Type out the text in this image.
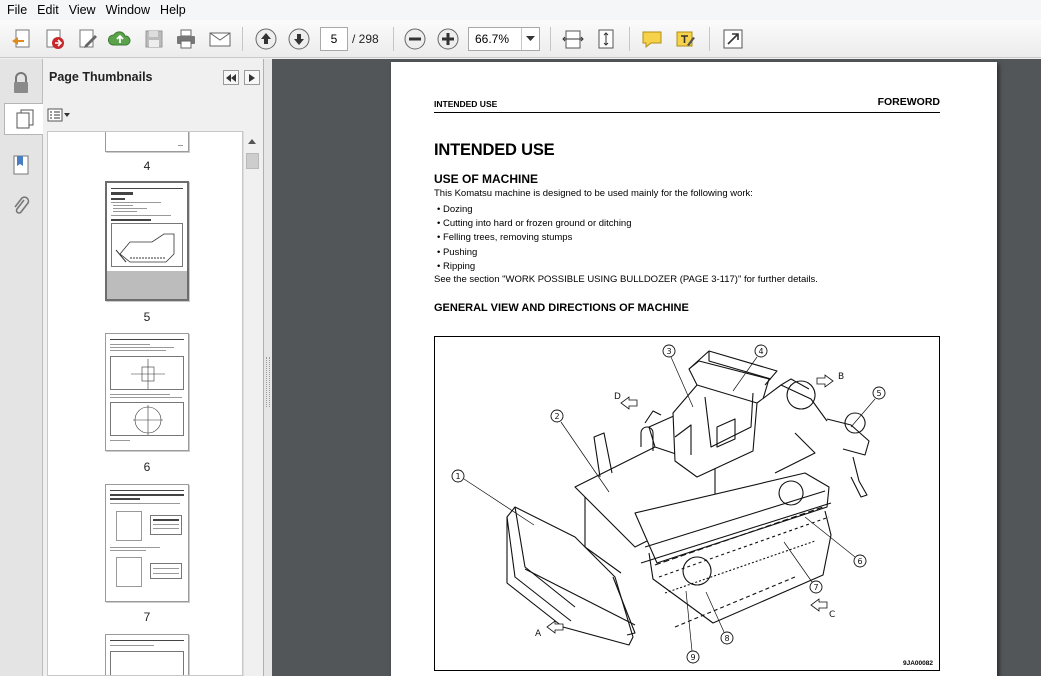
File Edit View Window Help
5	/ 298	66.7%
Page Thumbnails
4
5
6
7
INTENDED USE	FOREWORD
INTENDED USE
USE OF MACHINE
This Komatsu machine is designed to be used mainly for the following work:
• Dozing
• Cutting into hard or frozen ground or ditching
• Felling trees, removing stumps
• Pushing
• Ripping
See the section "WORK POSSIBLE USING BULLDOZER (PAGE 3-117)" for further details.
GENERAL VIEW AND DIRECTIONS OF MACHINE
1
2
3	4
5
6
7
8
9
A
B
C
D
9JA00082
